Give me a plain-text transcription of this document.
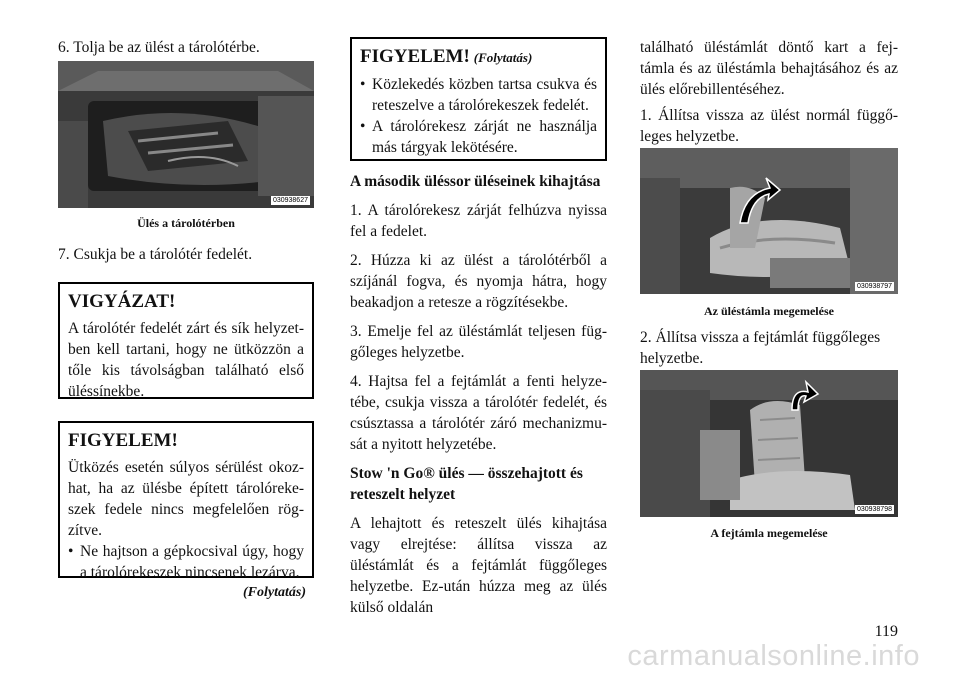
6. Tolja be az ülést a tárolótérbe.

030938627
Ülés a tárolótérben

7. Csukja be a tárolótér fedelét.

VIGYÁZAT!

A tárolótér fedelét zárt és sík helyzet-ben kell tartani, hogy ne ütközzön a tőle kis távolságban található első üléssínekbe.

FIGYELEM!

Ütközés esetén súlyos sérülést okoz-hat, ha az ülésbe épített tárolóreke-szek fedele nincs megfelelően rög-zítve.

• Ne hajtson a gépkocsival úgy, hogy a tárolórekeszek nincsenek lezárva.
(Folytatás)
FIGYELEM! (Folytatás)
• Közlekedés közben tartsa csukva és reteszelve a tárolórekeszek fedelét.
• A tárolórekesz zárját ne használja más tárgyak lekötésére.

A második üléssor üléseinek kihajtása

1. A tárolórekesz zárját felhúzva nyissa fel a fedelet.

2. Húzza ki az ülést a tárolótérből a szíjánál fogva, és nyomja hátra, hogy beakadjon a retesze a rögzítésekbe.

3. Emelje fel az üléstámlát teljesen füg-gőleges helyzetbe.

4. Hajtsa fel a fejtámlát a fenti helyze-tébe, csukja vissza a tárolótér fedelét, és csúsztassa a tárolótér záró mechanizmu-sát a nyitott helyzetébe.

Stow 'n Go® ülés — összehajtott és reteszelt helyzet

A lehajtott és reteszelt ülés kihajtása vagy elrejtése: állítsa vissza az üléstámlát és a fejtámlát függőleges helyzetbe. Ez-után húzza meg az ülés külső oldalán

található üléstámlát döntő kart a fej-támla és az üléstámla behajtásához és az ülés előrebillentéséhez.

1. Állítsa vissza az ülést normál függő-leges helyzetbe.

030938797
Az üléstámla megemelése

2. Állítsa vissza a fejtámlát függőleges helyzetbe.

030938798
A fejtámla megemelése
119
carmanualsonline.info
